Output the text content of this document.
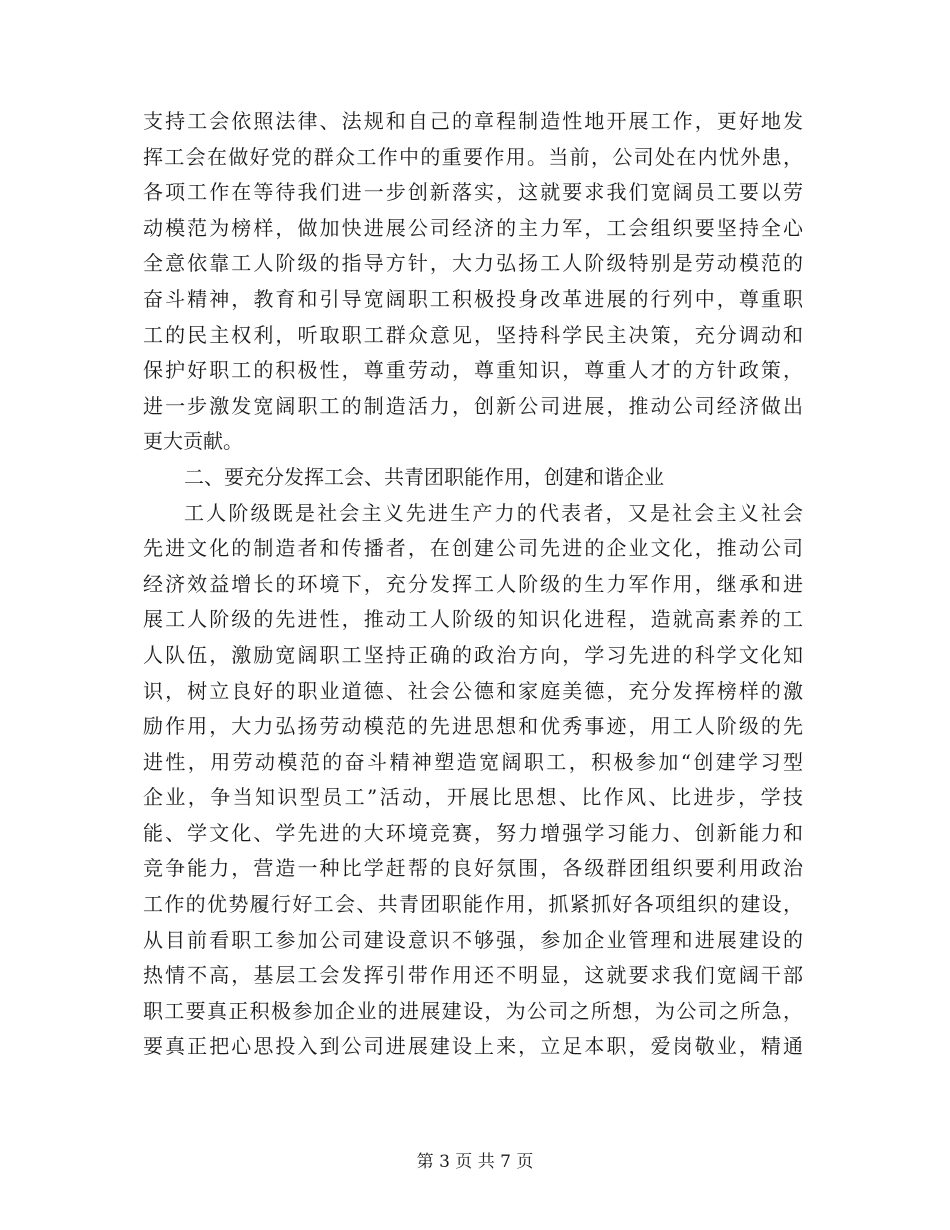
支持工会依照法律、法规和自己的章程制造性地开展工作，更好地发
挥工会在做好党的群众工作中的重要作用。当前，公司处在内忧外患，
各项工作在等待我们进一步创新落实，这就要求我们宽阔员工要以劳
动模范为榜样，做加快进展公司经济的主力军，工会组织要坚持全心
全意依靠工人阶级的指导方针，大力弘扬工人阶级特别是劳动模范的
奋斗精神，教育和引导宽阔职工积极投身改革进展的行列中，尊重职
工的民主权利，听取职工群众意见，坚持科学民主决策，充分调动和
保护好职工的积极性，尊重劳动，尊重知识，尊重人才的方针政策，
进一步激发宽阔职工的制造活力，创新公司进展，推动公司经济做出
更大贡献。
二、要充分发挥工会、共青团职能作用，创建和谐企业
工人阶级既是社会主义先进生产力的代表者，又是社会主义社会
先进文化的制造者和传播者，在创建公司先进的企业文化，推动公司
经济效益增长的环境下，充分发挥工人阶级的生力军作用，继承和进
展工人阶级的先进性，推动工人阶级的知识化进程，造就高素养的工
人队伍，激励宽阔职工坚持正确的政治方向，学习先进的科学文化知
识，树立良好的职业道德、社会公德和家庭美德，充分发挥榜样的激
励作用，大力弘扬劳动模范的先进思想和优秀事迹，用工人阶级的先
进性，用劳动模范的奋斗精神塑造宽阔职工，积极参加“创建学习型
企业，争当知识型员工”活动，开展比思想、比作风、比进步，学技
能、学文化、学先进的大环境竞赛，努力增强学习能力、创新能力和
竞争能力，营造一种比学赶帮的良好氛围，各级群团组织要利用政治
工作的优势履行好工会、共青团职能作用，抓紧抓好各项组织的建设，
从目前看职工参加公司建设意识不够强，参加企业管理和进展建设的
热情不高，基层工会发挥引带作用还不明显，这就要求我们宽阔干部
职工要真正积极参加企业的进展建设，为公司之所想，为公司之所急，
要真正把心思投入到公司进展建设上来，立足本职，爱岗敬业，精通
第 3 页 共 7 页
